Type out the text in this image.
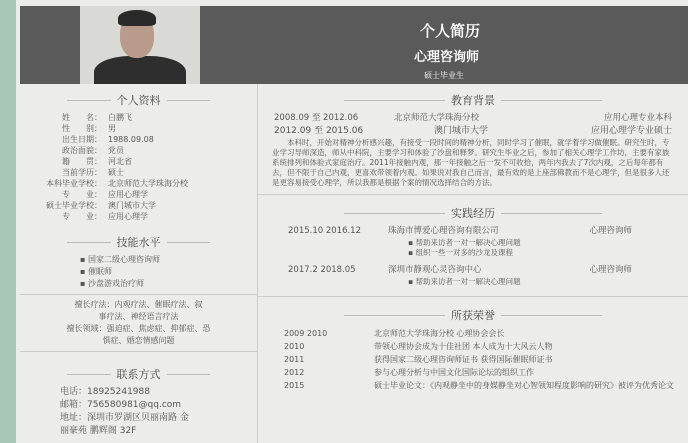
个人简历
心理咨询师
硕士毕业生
个人资料
姓　　名： 白鹏飞
性　　别： 男
出生日期： 1988.09.08
政治面貌： 党员
籍　　贯： 河北省
当前学历： 硕士
本科毕业学校： 北京师范大学珠海分校
专　　业： 应用心理学
硕士毕业学校： 澳门城市大学
专　　业： 应用心理学
技能水平
▪ 国家二级心理咨询师
▪ 催眠师
▪ 沙盘游戏治疗师
擅长疗法：内观疗法、催眠疗法、叙
事疗法、神经语言疗法
擅长领域：强迫症、焦虑症、抑郁症、恐
惧症、婚恋情感问题
联系方式
电话：18925241988
邮箱：756580981@qq.com
地址：深圳市罗湖区贝丽南路 金
丽豪苑 鹏辉阁 32F
教育背景
2008.09 至 2012.06	北京师范大学珠海分校	应用心理专业本科
2012.09 至 2015.06	澳门城市大学	应用心理学专业硕士
本科时，开始对精神分析感兴趣，有接受一段时间的精神分析，同时学习了催眠，就学着学习做催眠。研究生时，专业学习导师深造，师从中科院，主要学习和体验了沙盘和释梦。研究生毕业之后，参加了相关心理学工作坊，主要有家族系统排列和体验式家庭治疗。2011年接触内观，那一年接触之后一发不可收拾，两年内我去了7次内观，之后每年都有去，但不限于自己内观，更喜欢带领着内观。如果说对我自己而言，最有效的是上座部佛教而不是心理学，但是很多人还是更容易接受心理学，所以我都是根据个案的情况选择结合的方法。
实践经历
2015.10 2016.12	珠海市博爱心理咨询有限公司	心理咨询师
▪ 帮助来访者一对一解决心理问题
▪ 组织一些一对多的沙龙及课程
2017.2 2018.05	深圳市静观心灵咨询中心	心理咨询师
▪ 帮助来访者一对一解决心理问题
所获荣誉
2009 2010	北京师范大学珠海分校 心理协会会长
2010	带领心理协会成为十佳社团 本人成为十大风云人物
2011	获得国家二级心理咨询师证书 获得国际催眠师证书
2012	参与心理分析与中国文化国际论坛的组织工作
2015	硕士毕业论文：《内观静坐中的身媒静坐对心智领知程度影响的研究》被评为优秀论文
